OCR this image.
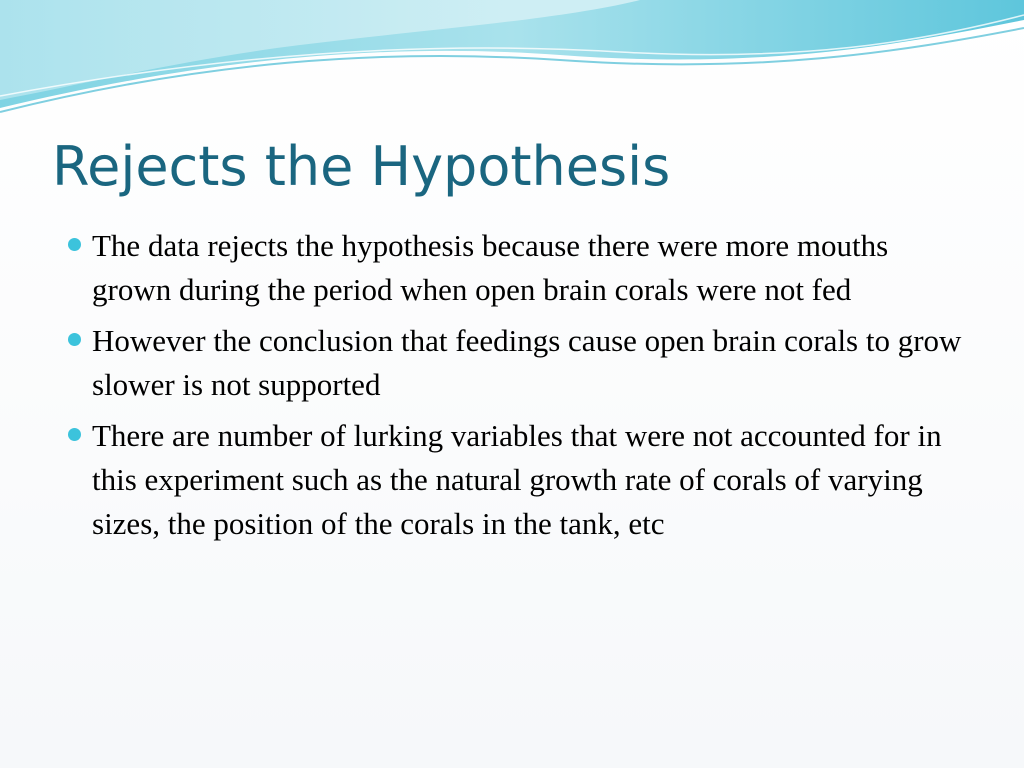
Rejects the Hypothesis
The data rejects the hypothesis because there were more mouths grown during the period when open brain corals were not fed
However the conclusion that feedings cause open brain corals to grow slower is not supported
There are number of lurking variables that were not accounted for in this experiment such as the natural growth rate of corals of varying sizes, the position of the corals in the tank, etc
